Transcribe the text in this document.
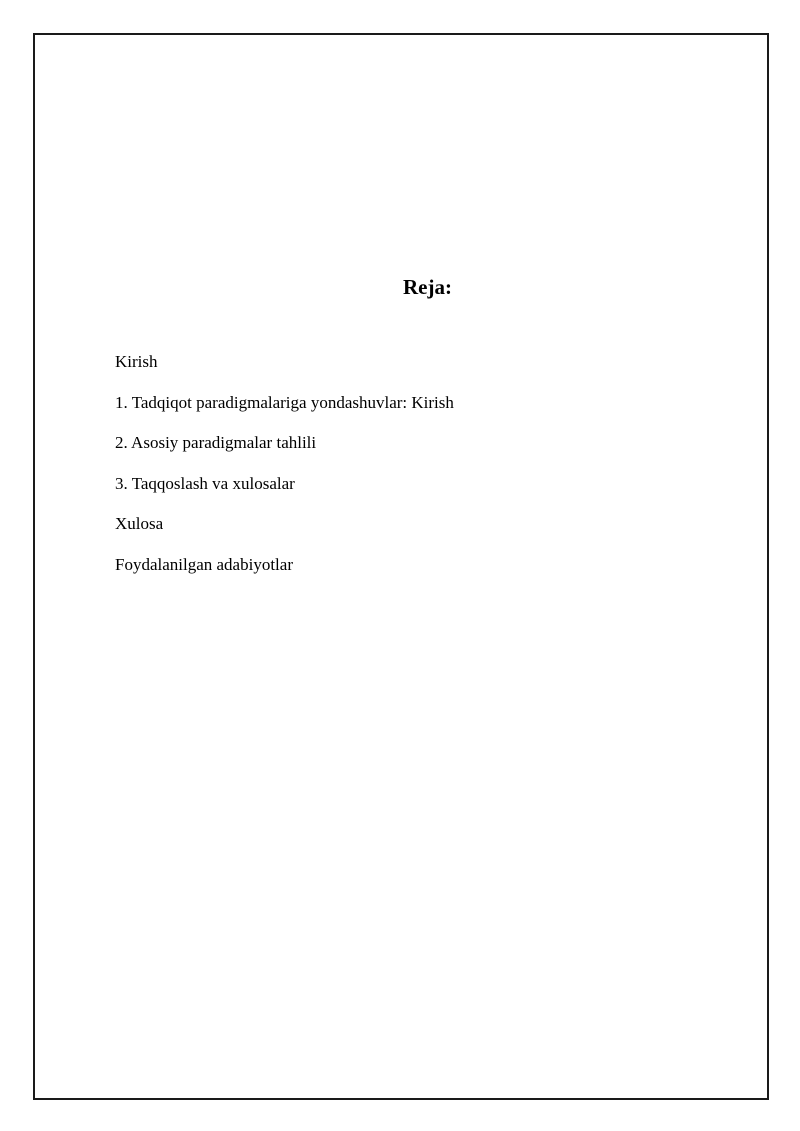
Reja:
Kirish
1. Tadqiqot paradigmalariga yondashuvlar: Kirish
2. Asosiy paradigmalar tahlili
3. Taqqoslash va xulosalar
Xulosa
Foydalanilgan adabiyotlar
